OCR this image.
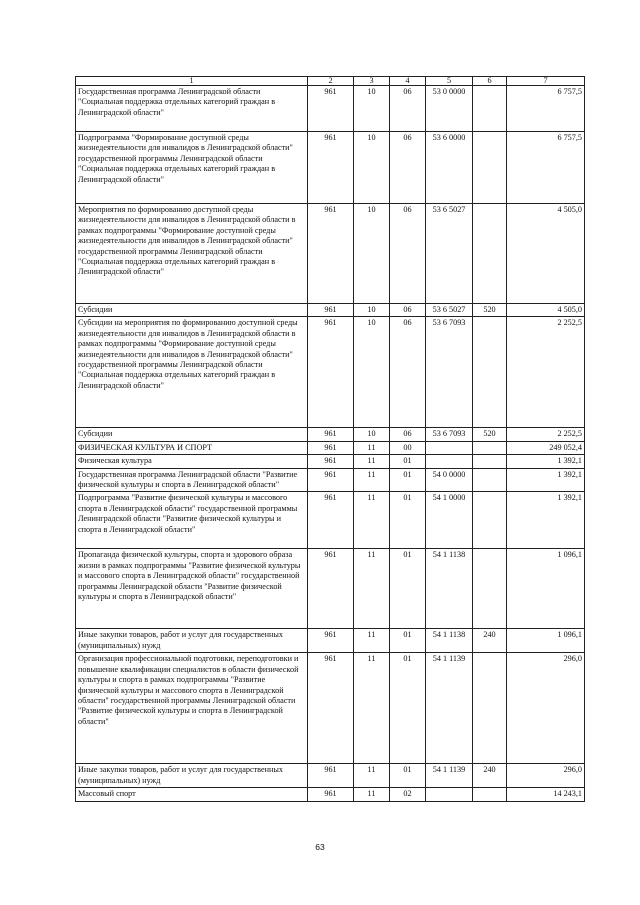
1	2	3	4	5	6	7
Государственная программа Ленинградской области "Социальная поддержка отдельных категорий граждан в Ленинградской области"	961	10	06	53 0 0000		6 757,5
Подпрограмма "Формирование доступной среды жизнедеятельности для инвалидов в Ленинградской области" государственной программы Ленинградской области "Социальная поддержка отдельных категорий граждан в Ленинградской области"	961	10	06	53 6 0000		6 757,5
Мероприятия по формированию доступной среды жизнедеятельности для инвалидов в Ленинградской области в рамках подпрограммы "Формирование доступной среды жизнедеятельности для инвалидов в Ленинградской области" государственной программы Ленинградской области "Социальная поддержка отдельных категорий граждан в Ленинградской области"	961	10	06	53 6 5027		4 505,0
Субсидии	961	10	06	53 6 5027	520	4 505,0
Субсидии на мероприятия по формированию доступной среды жизнедеятельности для инвалидов в Ленинградской области в рамках подпрограммы "Формирование доступной среды жизнедеятельности для инвалидов в Ленинградской области" государственной программы Ленинградской области "Социальная поддержка отдельных категорий граждан в Ленинградской области"	961	10	06	53 6 7093		2 252,5
Субсидии	961	10	06	53 6 7093	520	2 252,5
ФИЗИЧЕСКАЯ КУЛЬТУРА И СПОРТ	961	11	00			249 052,4
Физическая культура	961	11	01			1 392,1
Государственная программа Ленинградской области "Развитие физической культуры и спорта в Ленинградской области"	961	11	01	54 0 0000		1 392,1
Подпрограмма "Развитие физической культуры и массового спорта в Ленинградской области" государственной программы Ленинградской области "Развитие физической культуры и спорта в Ленинградской области"	961	11	01	54 1 0000		1 392,1
Пропаганда физической культуры, спорта и здорового образа жизни в рамках подпрограммы "Развитие физической культуры и массового спорта в Ленинградской области" государственной программы Ленинградской области "Развитие физической культуры и спорта в Ленинградской области"	961	11	01	54 1 1138		1 096,1
Иные закупки товаров, работ и услуг для государственных (муниципальных) нужд	961	11	01	54 1 1138	240	1 096,1
Организация профессиональной подготовки, переподготовки и повышение квалификации специалистов в области физической культуры и спорта в рамках подпрограммы "Развитие физической культуры и массового спорта в Ленинградской области" государственной программы Ленинградской области "Развитие физической культуры и спорта в Ленинградской области"	961	11	01	54 1 1139		296,0
Иные закупки товаров, работ и услуг для государственных (муниципальных) нужд	961	11	01	54 1 1139	240	296,0
Массовый спорт	961	11	02			14 243,1
63
